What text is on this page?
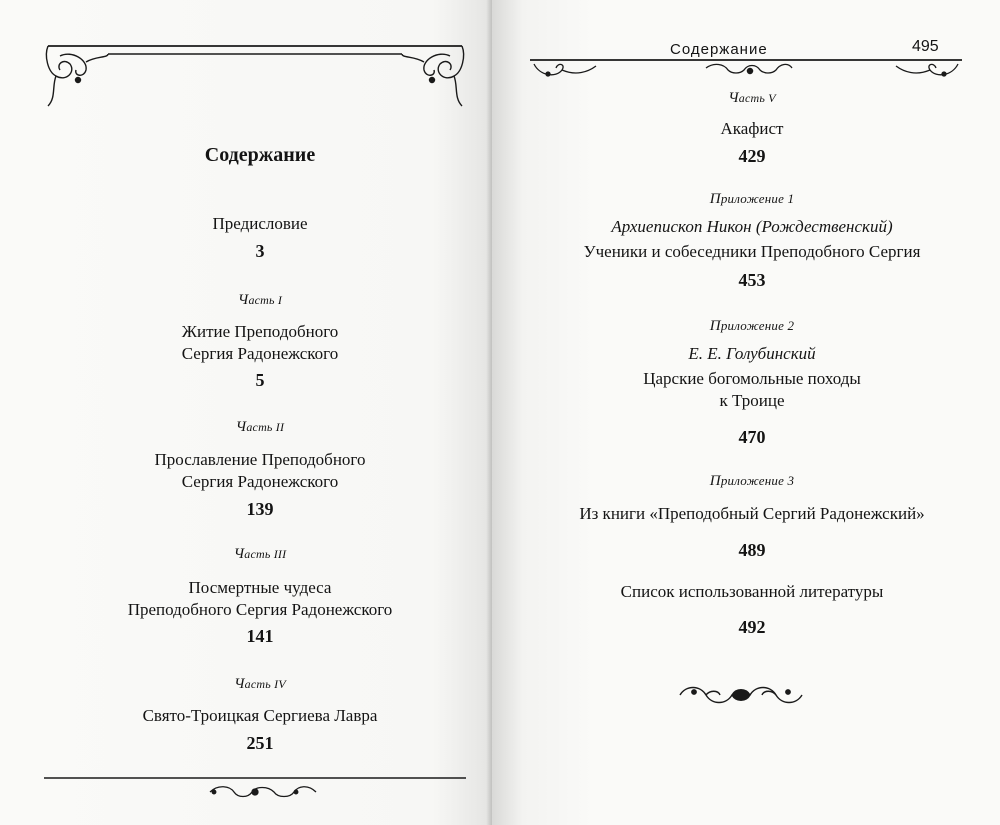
Содержание
Предисловие
3
Часть I
Житие Преподобного
Сергия Радонежского
5
Часть II
Прославление Преподобного
Сергия Радонежского
139
Часть III
Посмертные чудеса
Преподобного Сергия Радонежского
141
Часть IV
Свято-Троицкая Сергиева Лавра
251
Содержание	495
Часть V
Акафист
429
Приложение 1
Архиепископ Никон (Рождественский)
Ученики и собеседники Преподобного Сергия
453
Приложение 2
Е. Е. Голубинский
Царские богомольные походы
к Троице
470
Приложение 3
Из книги «Преподобный Сергий Радонежский»
489
Список использованной литературы
492
